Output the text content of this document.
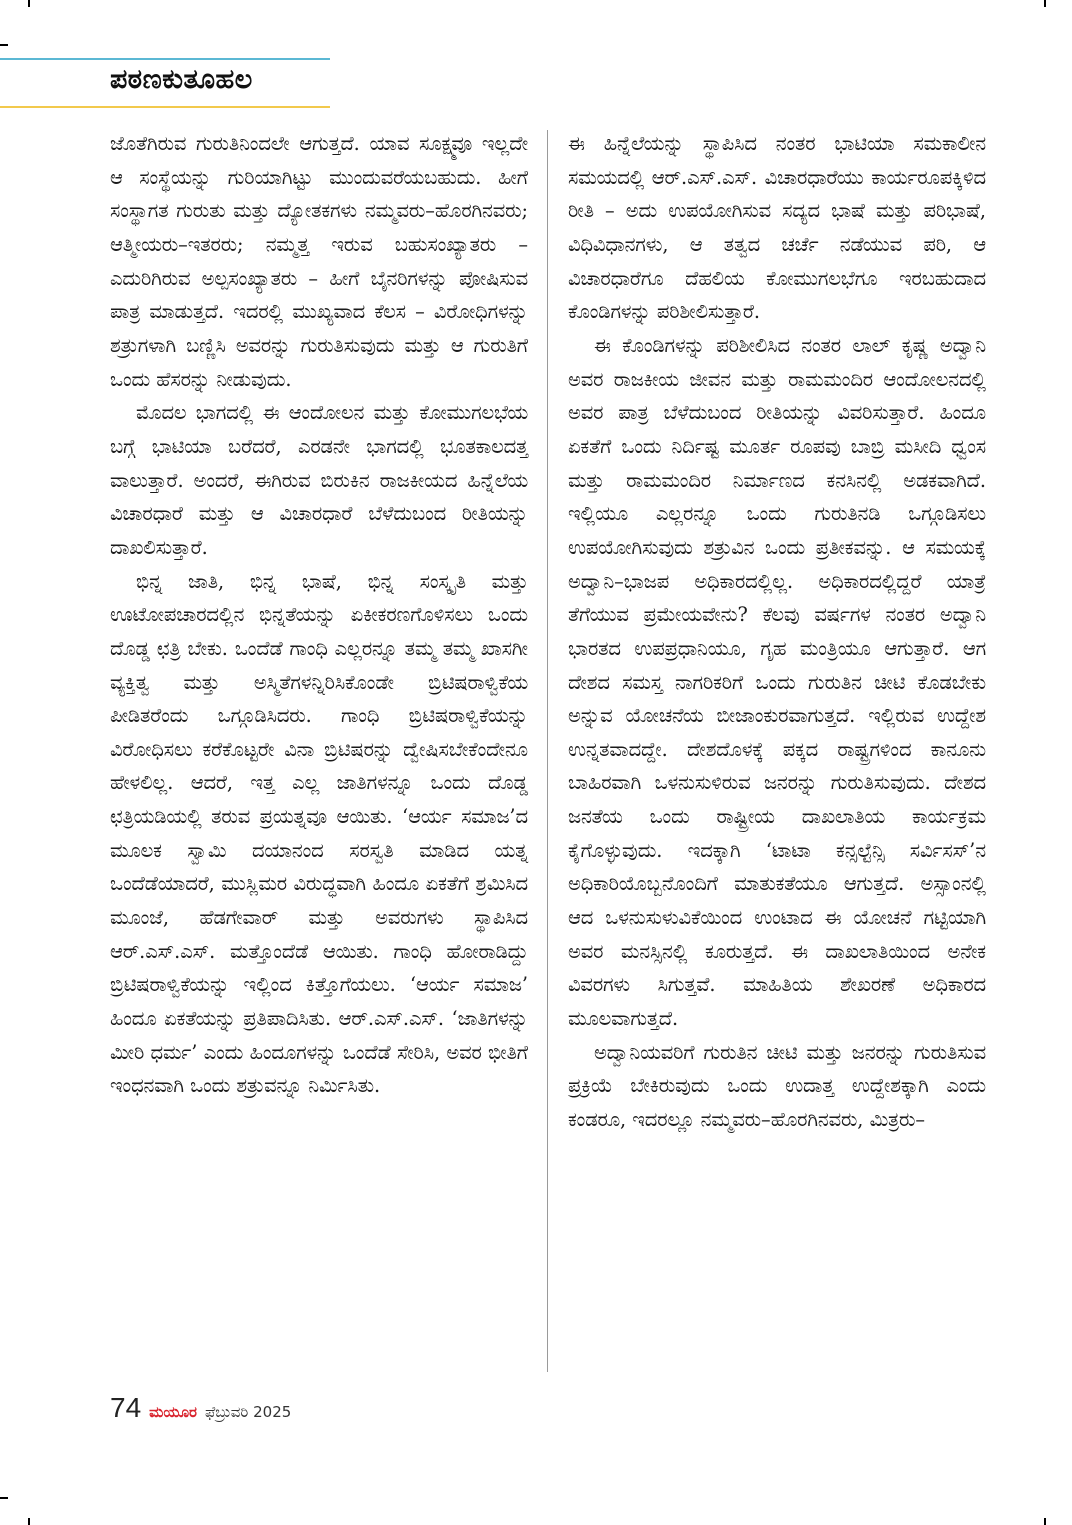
ಪಠಣಕುತೂಹಲ

ಜೊತೆಗಿರುವ ಗುರುತಿನಿಂದಲೇ ಆಗುತ್ತದೆ. ಯಾವ ಸೂಕ್ಷ್ಮವೂ ಇಲ್ಲದೇ ಆ ಸಂಸ್ಥೆಯನ್ನು ಗುರಿಯಾಗಿಟ್ಟು ಮುಂದುವರೆಯಬಹುದು. ಹೀಗೆ ಸಂಸ್ಥಾಗತ ಗುರುತು ಮತ್ತು ದ್ಯೋತಕಗಳು ನಮ್ಮವರು–ಹೊರಗಿನವರು; ಆತ್ಮೀಯರು–ಇತರರು; ನಮ್ಮತ್ತ ಇರುವ ಬಹುಸಂಖ್ಯಾತರು – ಎದುರಿಗಿರುವ ಅಲ್ಪಸಂಖ್ಯಾತರು – ಹೀಗೆ ಬೈನರಿಗಳನ್ನು ಪೋಷಿಸುವ ಪಾತ್ರ ಮಾಡುತ್ತದೆ. ಇದರಲ್ಲಿ ಮುಖ್ಯವಾದ ಕೆಲಸ – ವಿರೋಧಿಗಳನ್ನು ಶತ್ರುಗಳಾಗಿ ಬಣ್ಣಿಸಿ ಅವರನ್ನು ಗುರುತಿಸುವುದು ಮತ್ತು ಆ ಗುರುತಿಗೆ ಒಂದು ಹೆಸರನ್ನು ನೀಡುವುದು.

ಮೊದಲ ಭಾಗದಲ್ಲಿ ಈ ಆಂದೋಲನ ಮತ್ತು ಕೋಮುಗಲಭೆಯ ಬಗ್ಗೆ ಭಾಟಿಯಾ ಬರೆದರೆ, ಎರಡನೇ ಭಾಗದಲ್ಲಿ ಭೂತಕಾಲದತ್ತ ವಾಲುತ್ತಾರೆ. ಅಂದರೆ, ಈಗಿರುವ ಬಿರುಕಿನ ರಾಜಕೀಯದ ಹಿನ್ನೆಲೆಯ ವಿಚಾರಧಾರೆ ಮತ್ತು ಆ ವಿಚಾರಧಾರೆ ಬೆಳೆದುಬಂದ ರೀತಿಯನ್ನು ದಾಖಲಿಸುತ್ತಾರೆ.

ಭಿನ್ನ ಜಾತಿ, ಭಿನ್ನ ಭಾಷೆ, ಭಿನ್ನ ಸಂಸ್ಕೃತಿ ಮತ್ತು ಊಟೋಪಚಾರದಲ್ಲಿನ ಭಿನ್ನತೆಯನ್ನು ಏಕೀಕರಣಗೊಳಿಸಲು ಒಂದು ದೊಡ್ಡ ಛತ್ರಿ ಬೇಕು. ಒಂದೆಡೆ ಗಾಂಧಿ ಎಲ್ಲರನ್ನೂ ತಮ್ಮ ತಮ್ಮ ಖಾಸಗೀ ವ್ಯಕ್ತಿತ್ವ ಮತ್ತು ಅಸ್ಮಿತೆಗಳನ್ನಿರಿಸಿಕೊಂಡೇ ಬ್ರಿಟಿಷರಾಳ್ವಿಕೆಯ ಪೀಡಿತರೆಂದು ಒಗ್ಗೂಡಿಸಿದರು. ಗಾಂಧಿ ಬ್ರಿಟಿಷರಾಳ್ವಿಕೆಯನ್ನು ವಿರೋಧಿಸಲು ಕರೆಕೊಟ್ಟರೇ ವಿನಾ ಬ್ರಿಟಿಷರನ್ನು ದ್ವೇಷಿಸಬೇಕೆಂದೇನೂ ಹೇಳಲಿಲ್ಲ. ಆದರೆ, ಇತ್ತ ಎಲ್ಲ ಜಾತಿಗಳನ್ನೂ ಒಂದು ದೊಡ್ಡ ಛತ್ರಿಯಡಿಯಲ್ಲಿ ತರುವ ಪ್ರಯತ್ನವೂ ಆಯಿತು. ‘ಆರ್ಯ ಸಮಾಜ’ದ ಮೂಲಕ ಸ್ವಾಮಿ ದಯಾನಂದ ಸರಸ್ವತಿ ಮಾಡಿದ ಯತ್ನ ಒಂದೆಡೆಯಾದರೆ, ಮುಸ್ಲಿಮರ ವಿರುದ್ಧವಾಗಿ ಹಿಂದೂ ಏಕತೆಗೆ ಶ್ರಮಿಸಿದ ಮೂಂಜೆ, ಹೆಡಗೇವಾರ್ ಮತ್ತು ಅವರುಗಳು ಸ್ಥಾಪಿಸಿದ ಆರ್.ಎಸ್.ಎಸ್. ಮತ್ತೊಂದೆಡೆ ಆಯಿತು. ಗಾಂಧಿ ಹೋರಾಡಿದ್ದು ಬ್ರಿಟಿಷರಾಳ್ವಿಕೆಯನ್ನು ಇಲ್ಲಿಂದ ಕಿತ್ತೊಗೆಯಲು. ‘ಆರ್ಯ ಸಮಾಜ’ ಹಿಂದೂ ಏಕತೆಯನ್ನು ಪ್ರತಿಪಾದಿಸಿತು. ಆರ್.ಎಸ್.ಎಸ್. ‘ಜಾತಿಗಳನ್ನು ಮೀರಿ ಧರ್ಮ’ ಎಂದು ಹಿಂದೂಗಳನ್ನು ಒಂದೆಡೆ ಸೇರಿಸಿ, ಅವರ ಭೀತಿಗೆ ಇಂಧನವಾಗಿ ಒಂದು ಶತ್ರುವನ್ನೂ ನಿರ್ಮಿಸಿತು.

ಈ ಹಿನ್ನೆಲೆಯನ್ನು ಸ್ಥಾಪಿಸಿದ ನಂತರ ಭಾಟಿಯಾ ಸಮಕಾಲೀನ ಸಮಯದಲ್ಲಿ ಆರ್.ಎಸ್.ಎಸ್. ವಿಚಾರಧಾರೆಯು ಕಾರ್ಯರೂಪಕ್ಕಿಳಿದ ರೀತಿ – ಅದು ಉಪಯೋಗಿಸುವ ಸದ್ಯದ ಭಾಷೆ ಮತ್ತು ಪರಿಭಾಷೆ, ವಿಧಿವಿಧಾನಗಳು, ಆ ತತ್ವದ ಚರ್ಚೆ ನಡೆಯುವ ಪರಿ, ಆ ವಿಚಾರಧಾರೆಗೂ ದೆಹಲಿಯ ಕೋಮುಗಲಭೆಗೂ ಇರಬಹುದಾದ ಕೊಂಡಿಗಳನ್ನು ಪರಿಶೀಲಿಸುತ್ತಾರೆ.

ಈ ಕೊಂಡಿಗಳನ್ನು ಪರಿಶೀಲಿಸಿದ ನಂತರ ಲಾಲ್ ಕೃಷ್ಣ ಅದ್ವಾನಿ ಅವರ ರಾಜಕೀಯ ಜೀವನ ಮತ್ತು ರಾಮಮಂದಿರ ಆಂದೋಲನದಲ್ಲಿ ಅವರ ಪಾತ್ರ ಬೆಳೆದುಬಂದ ರೀತಿಯನ್ನು ವಿವರಿಸುತ್ತಾರೆ. ಹಿಂದೂ ಏಕತೆಗೆ ಒಂದು ನಿರ್ದಿಷ್ಟ ಮೂರ್ತ ರೂಪವು ಬಾಬ್ರಿ ಮಸೀದಿ ಧ್ವಂಸ ಮತ್ತು ರಾಮಮಂದಿರ ನಿರ್ಮಾಣದ ಕನಸಿನಲ್ಲಿ ಅಡಕವಾಗಿದೆ. ಇಲ್ಲಿಯೂ ಎಲ್ಲರನ್ನೂ ಒಂದು ಗುರುತಿನಡಿ ಒಗ್ಗೂಡಿಸಲು ಉಪಯೋಗಿಸುವುದು ಶತ್ರುವಿನ ಒಂದು ಪ್ರತೀಕವನ್ನು. ಆ ಸಮಯಕ್ಕೆ ಅದ್ವಾನಿ–ಭಾಜಪ ಅಧಿಕಾರದಲ್ಲಿಲ್ಲ. ಅಧಿಕಾರದಲ್ಲಿದ್ದರೆ ಯಾತ್ರೆ ತೆಗೆಯುವ ಪ್ರಮೇಯವೇನು? ಕೆಲವು ವರ್ಷಗಳ ನಂತರ ಅದ್ವಾನಿ ಭಾರತದ ಉಪಪ್ರಧಾನಿಯೂ, ಗೃಹ ಮಂತ್ರಿಯೂ ಆಗುತ್ತಾರೆ. ಆಗ ದೇಶದ ಸಮಸ್ತ ನಾಗರಿಕರಿಗೆ ಒಂದು ಗುರುತಿನ ಚೀಟಿ ಕೊಡಬೇಕು ಅನ್ನುವ ಯೋಚನೆಯ ಬೀಜಾಂಕುರವಾಗುತ್ತದೆ. ಇಲ್ಲಿರುವ ಉದ್ದೇಶ ಉನ್ನತವಾದದ್ದೇ. ದೇಶದೊಳಕ್ಕೆ ಪಕ್ಕದ ರಾಷ್ಟ್ರಗಳಿಂದ ಕಾನೂನು ಬಾಹಿರವಾಗಿ ಒಳನುಸುಳಿರುವ ಜನರನ್ನು ಗುರುತಿಸುವುದು. ದೇಶದ ಜನತೆಯ ಒಂದು ರಾಷ್ಟ್ರೀಯ ದಾಖಲಾತಿಯ ಕಾರ್ಯಕ್ರಮ ಕೈಗೊಳ್ಳುವುದು. ಇದಕ್ಕಾಗಿ ‘ಟಾಟಾ ಕನ್ಸಲ್ಟೆನ್ಸಿ ಸರ್ವಿಸಸ್’ನ ಅಧಿಕಾರಿಯೊಬ್ಬನೊಂದಿಗೆ ಮಾತುಕತೆಯೂ ಆಗುತ್ತದೆ. ಅಸ್ಸಾಂನಲ್ಲಿ ಆದ ಒಳನುಸುಳುವಿಕೆಯಿಂದ ಉಂಟಾದ ಈ ಯೋಚನೆ ಗಟ್ಟಿಯಾಗಿ ಅವರ ಮನಸ್ಸಿನಲ್ಲಿ ಕೂರುತ್ತದೆ. ಈ ದಾಖಲಾತಿಯಿಂದ ಅನೇಕ ವಿವರಗಳು ಸಿಗುತ್ತವೆ. ಮಾಹಿತಿಯ ಶೇಖರಣೆ ಅಧಿಕಾರದ ಮೂಲವಾಗುತ್ತದೆ.

ಅದ್ವಾನಿಯವರಿಗೆ ಗುರುತಿನ ಚೀಟಿ ಮತ್ತು ಜನರನ್ನು ಗುರುತಿಸುವ ಪ್ರಕ್ರಿಯೆ ಬೇಕಿರುವುದು ಒಂದು ಉದಾತ್ತ ಉದ್ದೇಶಕ್ಕಾಗಿ ಎಂದು ಕಂಡರೂ, ಇದರಲ್ಲೂ ನಮ್ಮವರು–ಹೊರಗಿನವರು, ಮಿತ್ರರು–

74 ಮಯೂರ ಫೆಬ್ರುವರಿ 2025
